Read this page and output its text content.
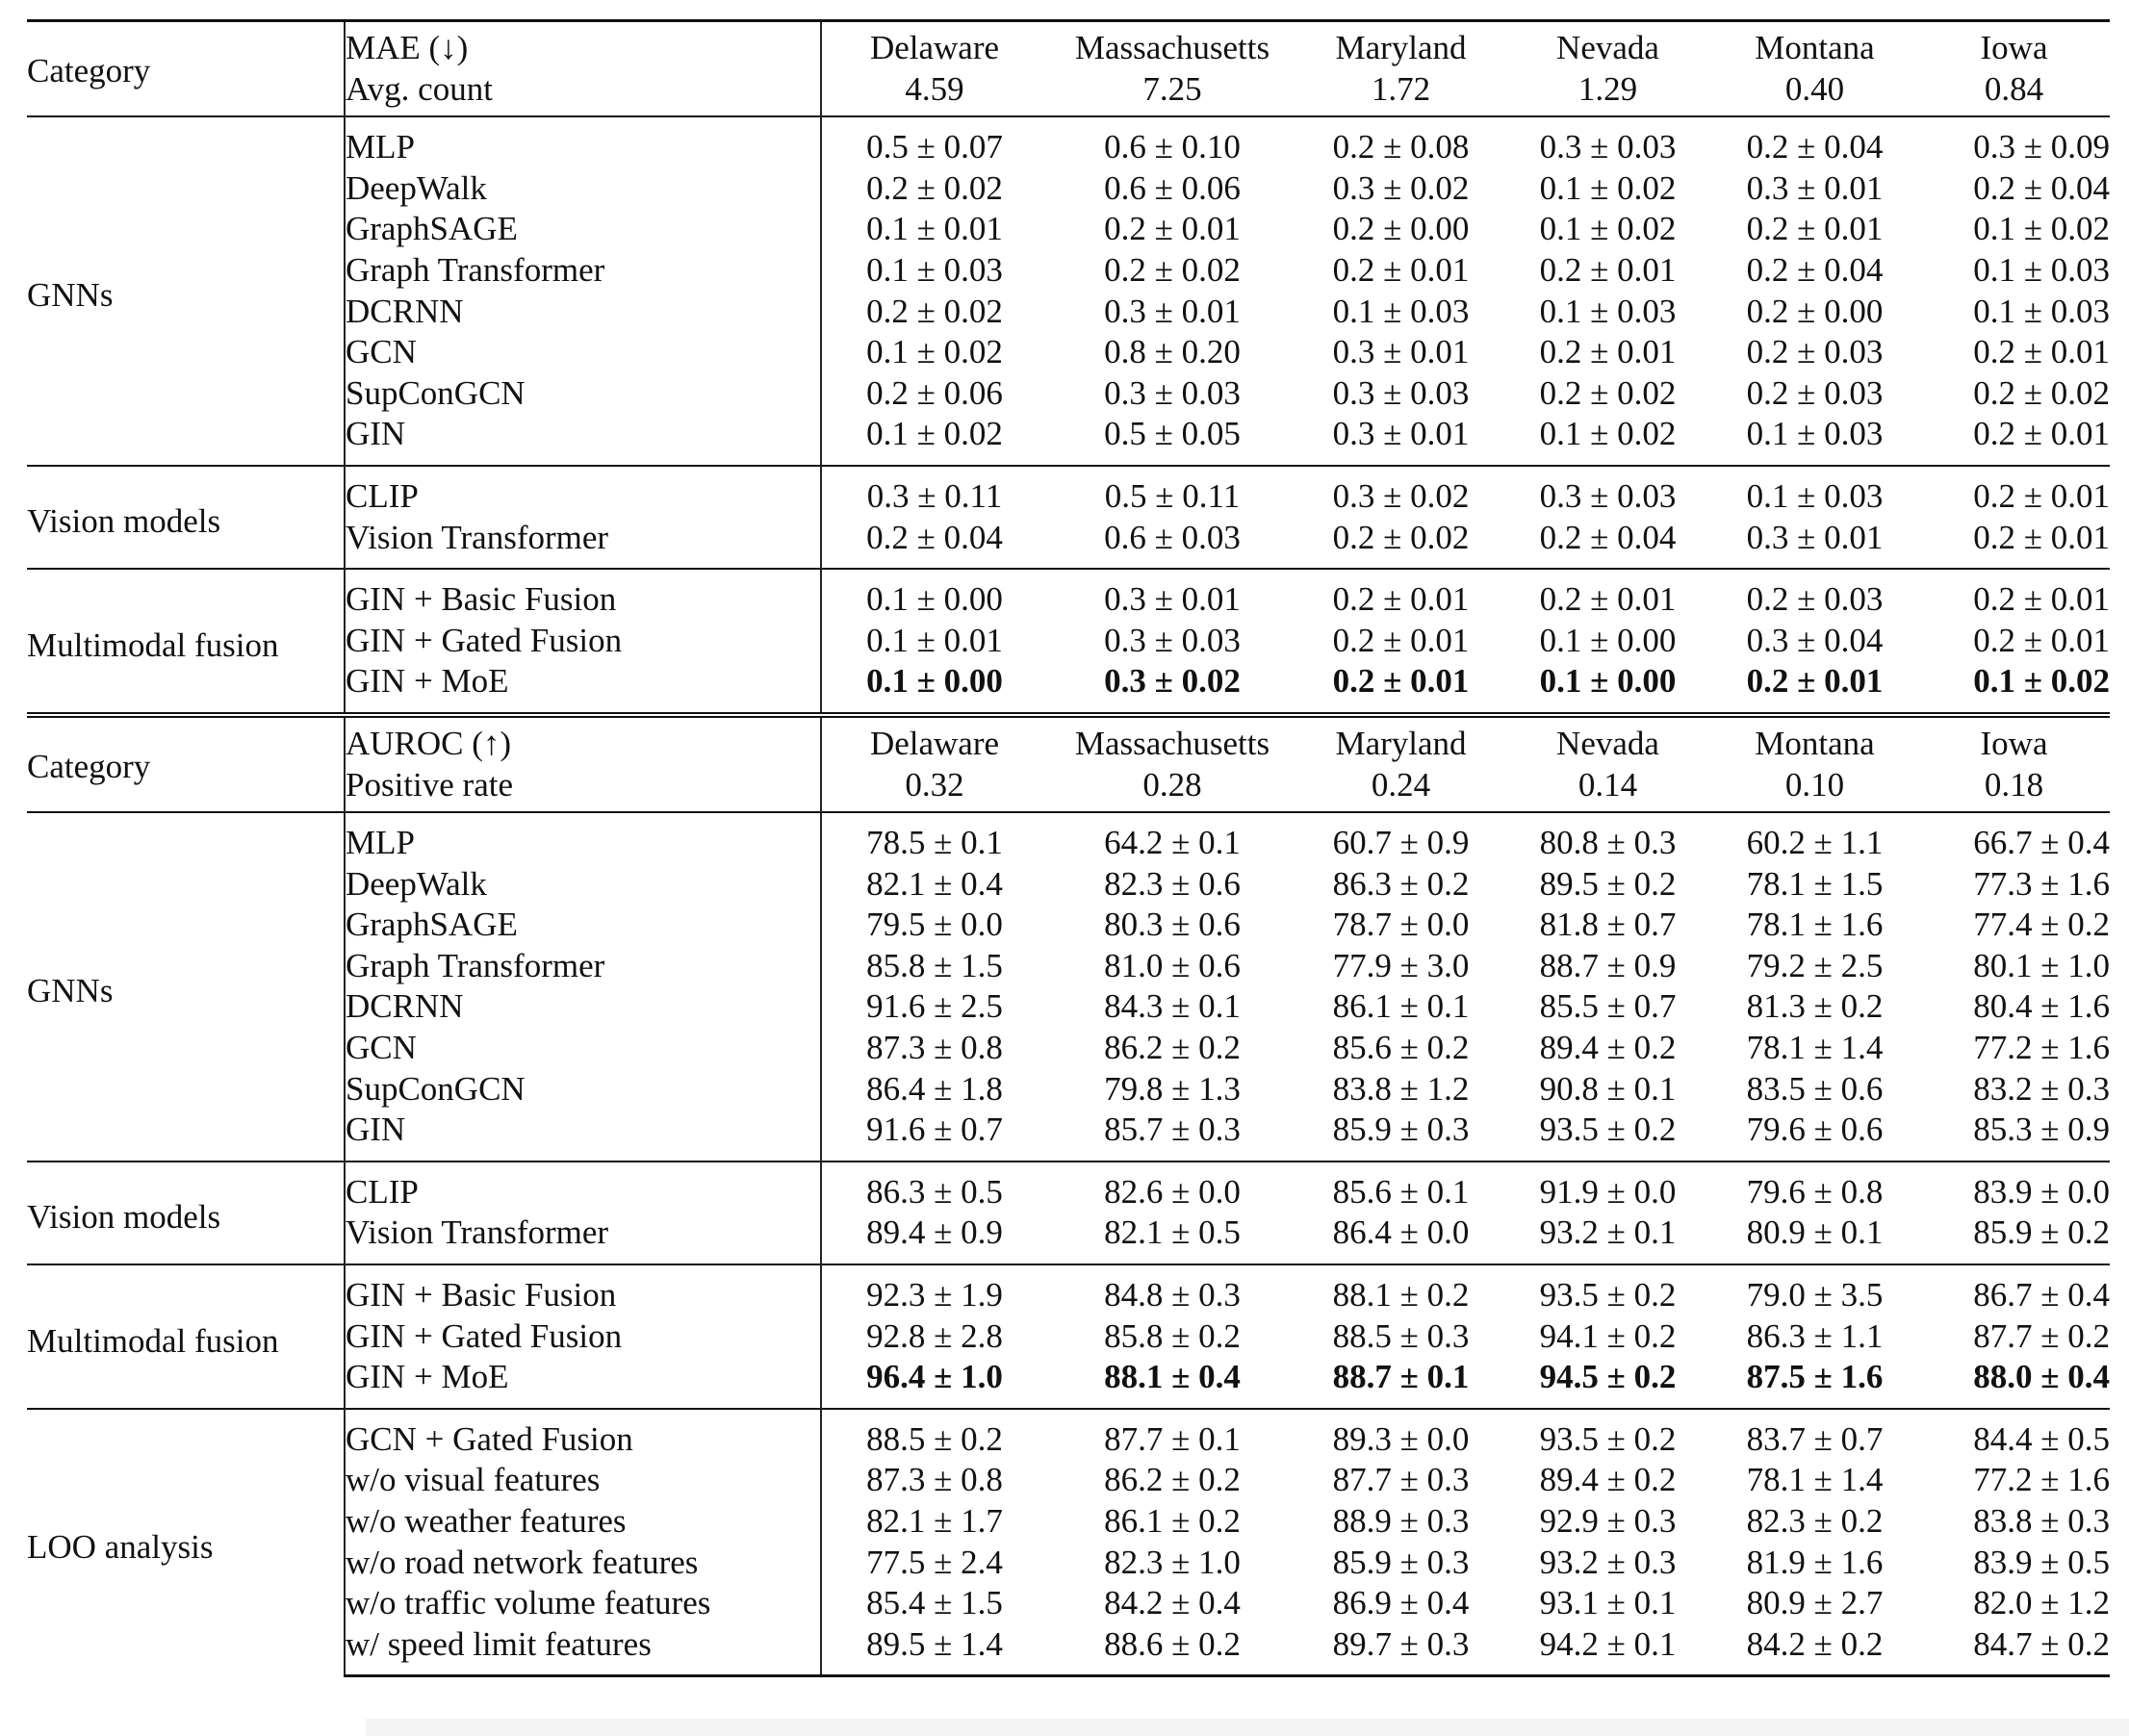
Category	MAE (↓)	Delaware	Massachusetts	Maryland	Nevada	Montana	Iowa
	Avg. count	4.59	7.25	1.72	1.29	0.40	0.84
GNNs	MLP	0.5 ± 0.07	0.6 ± 0.10	0.2 ± 0.08	0.3 ± 0.03	0.2 ± 0.04	0.3 ± 0.09
	DeepWalk	0.2 ± 0.02	0.6 ± 0.06	0.3 ± 0.02	0.1 ± 0.02	0.3 ± 0.01	0.2 ± 0.04
	GraphSAGE	0.1 ± 0.01	0.2 ± 0.01	0.2 ± 0.00	0.1 ± 0.02	0.2 ± 0.01	0.1 ± 0.02
	Graph Transformer	0.1 ± 0.03	0.2 ± 0.02	0.2 ± 0.01	0.2 ± 0.01	0.2 ± 0.04	0.1 ± 0.03
	DCRNN	0.2 ± 0.02	0.3 ± 0.01	0.1 ± 0.03	0.1 ± 0.03	0.2 ± 0.00	0.1 ± 0.03
	GCN	0.1 ± 0.02	0.8 ± 0.20	0.3 ± 0.01	0.2 ± 0.01	0.2 ± 0.03	0.2 ± 0.01
	SupConGCN	0.2 ± 0.06	0.3 ± 0.03	0.3 ± 0.03	0.2 ± 0.02	0.2 ± 0.03	0.2 ± 0.02
	GIN	0.1 ± 0.02	0.5 ± 0.05	0.3 ± 0.01	0.1 ± 0.02	0.1 ± 0.03	0.2 ± 0.01
Vision models	CLIP	0.3 ± 0.11	0.5 ± 0.11	0.3 ± 0.02	0.3 ± 0.03	0.1 ± 0.03	0.2 ± 0.01
	Vision Transformer	0.2 ± 0.04	0.6 ± 0.03	0.2 ± 0.02	0.2 ± 0.04	0.3 ± 0.01	0.2 ± 0.01
Multimodal fusion	GIN + Basic Fusion	0.1 ± 0.00	0.3 ± 0.01	0.2 ± 0.01	0.2 ± 0.01	0.2 ± 0.03	0.2 ± 0.01
	GIN + Gated Fusion	0.1 ± 0.01	0.3 ± 0.03	0.2 ± 0.01	0.1 ± 0.00	0.3 ± 0.04	0.2 ± 0.01
	GIN + MoE	0.1 ± 0.00	0.3 ± 0.02	0.2 ± 0.01	0.1 ± 0.00	0.2 ± 0.01	0.1 ± 0.02
Category	AUROC (↑)	Delaware	Massachusetts	Maryland	Nevada	Montana	Iowa
	Positive rate	0.32	0.28	0.24	0.14	0.10	0.18
GNNs	MLP	78.5 ± 0.1	64.2 ± 0.1	60.7 ± 0.9	80.8 ± 0.3	60.2 ± 1.1	66.7 ± 0.4
	DeepWalk	82.1 ± 0.4	82.3 ± 0.6	86.3 ± 0.2	89.5 ± 0.2	78.1 ± 1.5	77.3 ± 1.6
	GraphSAGE	79.5 ± 0.0	80.3 ± 0.6	78.7 ± 0.0	81.8 ± 0.7	78.1 ± 1.6	77.4 ± 0.2
	Graph Transformer	85.8 ± 1.5	81.0 ± 0.6	77.9 ± 3.0	88.7 ± 0.9	79.2 ± 2.5	80.1 ± 1.0
	DCRNN	91.6 ± 2.5	84.3 ± 0.1	86.1 ± 0.1	85.5 ± 0.7	81.3 ± 0.2	80.4 ± 1.6
	GCN	87.3 ± 0.8	86.2 ± 0.2	85.6 ± 0.2	89.4 ± 0.2	78.1 ± 1.4	77.2 ± 1.6
	SupConGCN	86.4 ± 1.8	79.8 ± 1.3	83.8 ± 1.2	90.8 ± 0.1	83.5 ± 0.6	83.2 ± 0.3
	GIN	91.6 ± 0.7	85.7 ± 0.3	85.9 ± 0.3	93.5 ± 0.2	79.6 ± 0.6	85.3 ± 0.9
Vision models	CLIP	86.3 ± 0.5	82.6 ± 0.0	85.6 ± 0.1	91.9 ± 0.0	79.6 ± 0.8	83.9 ± 0.0
	Vision Transformer	89.4 ± 0.9	82.1 ± 0.5	86.4 ± 0.0	93.2 ± 0.1	80.9 ± 0.1	85.9 ± 0.2
Multimodal fusion	GIN + Basic Fusion	92.3 ± 1.9	84.8 ± 0.3	88.1 ± 0.2	93.5 ± 0.2	79.0 ± 3.5	86.7 ± 0.4
	GIN + Gated Fusion	92.8 ± 2.8	85.8 ± 0.2	88.5 ± 0.3	94.1 ± 0.2	86.3 ± 1.1	87.7 ± 0.2
	GIN + MoE	96.4 ± 1.0	88.1 ± 0.4	88.7 ± 0.1	94.5 ± 0.2	87.5 ± 1.6	88.0 ± 0.4
LOO analysis	GCN + Gated Fusion	88.5 ± 0.2	87.7 ± 0.1	89.3 ± 0.0	93.5 ± 0.2	83.7 ± 0.7	84.4 ± 0.5
	w/o visual features	87.3 ± 0.8	86.2 ± 0.2	87.7 ± 0.3	89.4 ± 0.2	78.1 ± 1.4	77.2 ± 1.6
	w/o weather features	82.1 ± 1.7	86.1 ± 0.2	88.9 ± 0.3	92.9 ± 0.3	82.3 ± 0.2	83.8 ± 0.3
	w/o road network features	77.5 ± 2.4	82.3 ± 1.0	85.9 ± 0.3	93.2 ± 0.3	81.9 ± 1.6	83.9 ± 0.5
	w/o traffic volume features	85.4 ± 1.5	84.2 ± 0.4	86.9 ± 0.4	93.1 ± 0.1	80.9 ± 2.7	82.0 ± 1.2
	w/ speed limit features	89.5 ± 1.4	88.6 ± 0.2	89.7 ± 0.3	94.2 ± 0.1	84.2 ± 0.2	84.7 ± 0.2
